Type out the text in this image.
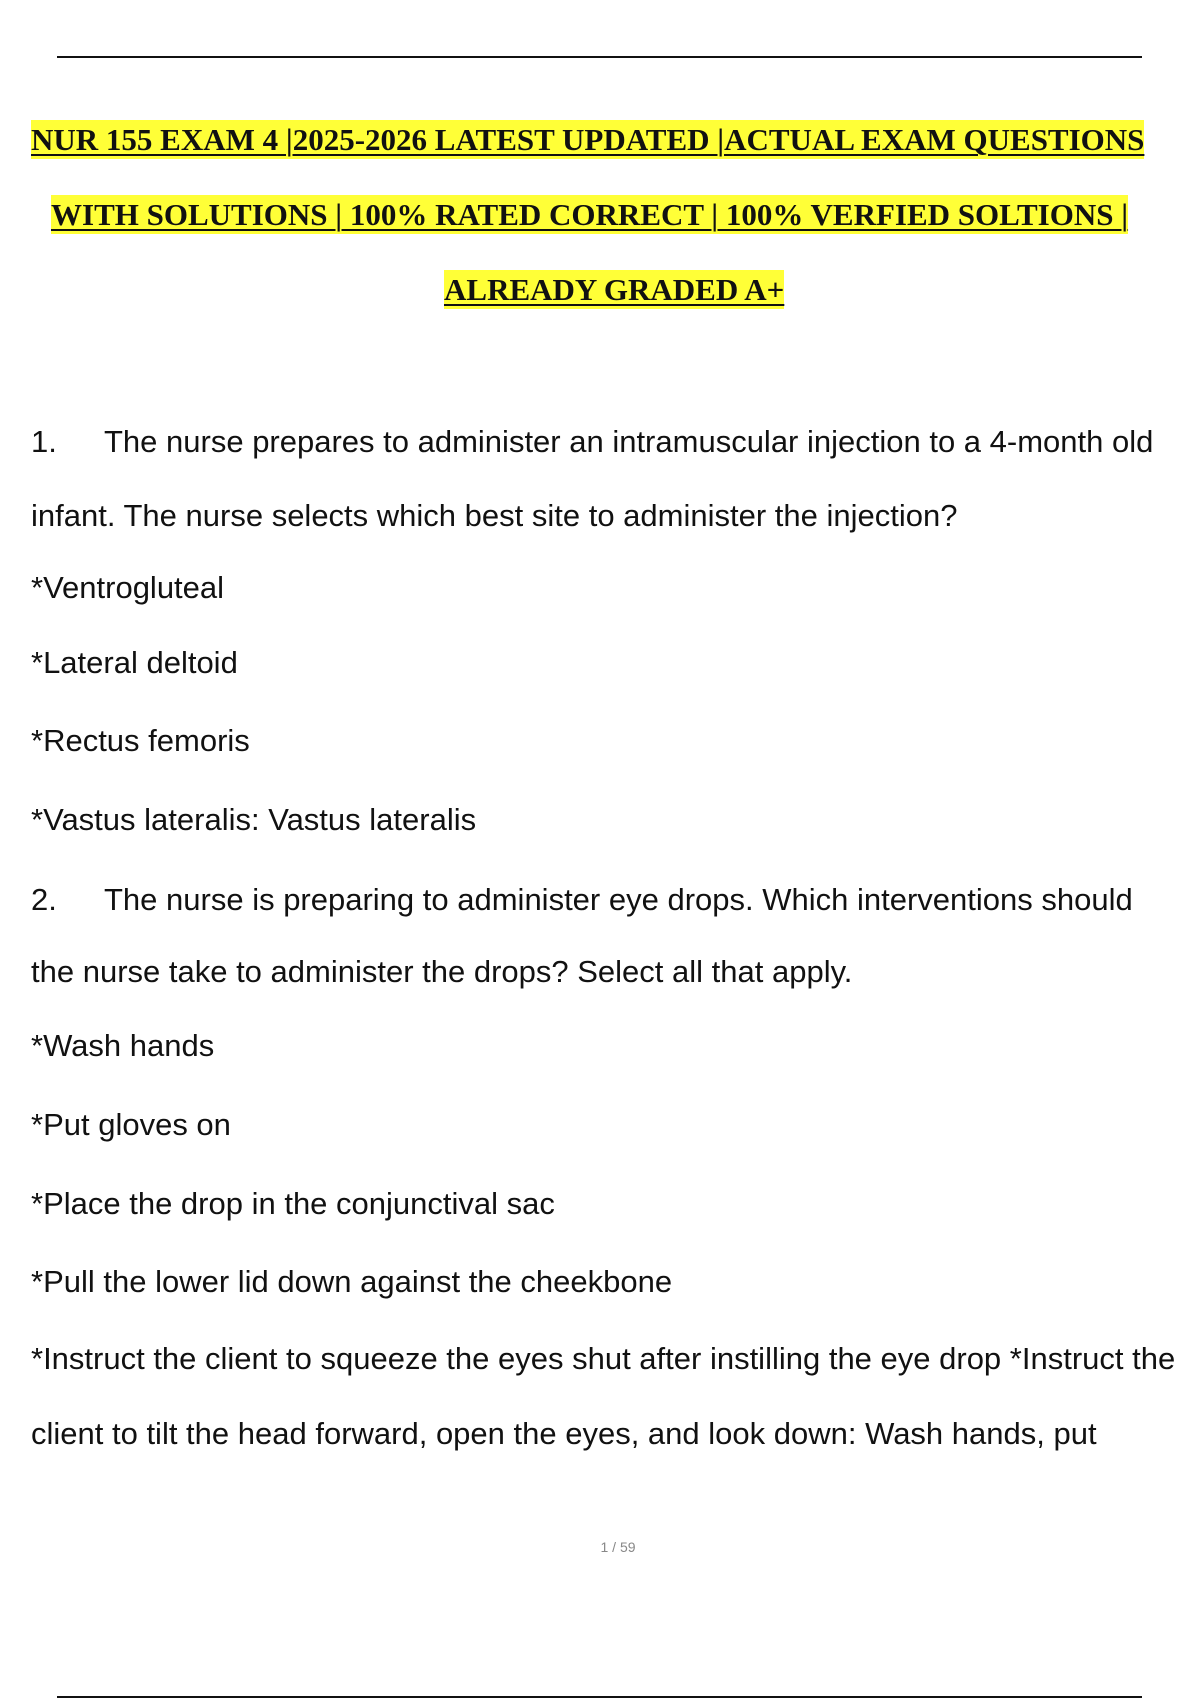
NUR 155 EXAM 4 |2025-2026 LATEST UPDATED |ACTUAL EXAM QUESTIONS
WITH SOLUTIONS | 100% RATED CORRECT | 100% VERFIED SOLTIONS |
ALREADY GRADED A+
1. The nurse prepares to administer an intramuscular injection to a 4-month old
infant. The nurse selects which best site to administer the injection?
*Ventrogluteal
*Lateral deltoid
*Rectus femoris
*Vastus lateralis: Vastus lateralis
2. The nurse is preparing to administer eye drops. Which interventions should
the nurse take to administer the drops? Select all that apply.
*Wash hands
*Put gloves on
*Place the drop in the conjunctival sac
*Pull the lower lid down against the cheekbone
*Instruct the client to squeeze the eyes shut after instilling the eye drop *Instruct the
client to tilt the head forward, open the eyes, and look down: Wash hands, put
1 / 59
